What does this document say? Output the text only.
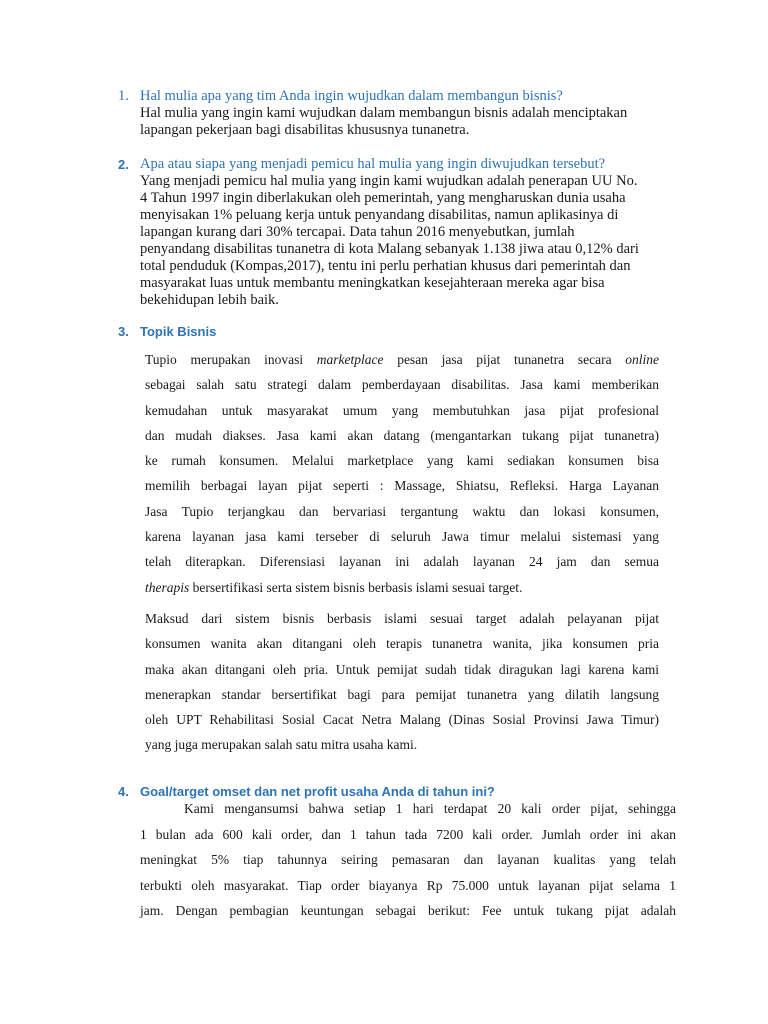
1. Hal mulia apa yang tim Anda ingin wujudkan dalam membangun bisnis?
Hal mulia yang ingin kami wujudkan dalam membangun bisnis adalah menciptakan
lapangan pekerjaan bagi disabilitas khususnya tunanetra.
2. Apa atau siapa yang menjadi pemicu hal mulia yang ingin diwujudkan tersebut?
Yang menjadi pemicu hal mulia yang ingin kami wujudkan adalah penerapan UU No.
4 Tahun 1997 ingin diberlakukan oleh pemerintah, yang mengharuskan dunia usaha
menyisakan 1% peluang kerja untuk penyandang disabilitas, namun aplikasinya di
lapangan kurang dari 30% tercapai. Data tahun 2016 menyebutkan, jumlah
penyandang disabilitas tunanetra di kota Malang sebanyak 1.138 jiwa atau 0,12% dari
total penduduk (Kompas,2017), tentu ini perlu perhatian khusus dari pemerintah dan
masyarakat luas untuk membantu meningkatkan kesejahteraan mereka agar bisa
bekehidupan lebih baik.
3. Topik Bisnis
Tupio merupakan inovasi marketplace pesan jasa pijat tunanetra secara online
sebagai salah satu strategi dalam pemberdayaan disabilitas. Jasa kami memberikan
kemudahan untuk masyarakat umum yang membutuhkan jasa pijat profesional
dan mudah diakses. Jasa kami akan datang (mengantarkan tukang pijat tunanetra)
ke rumah konsumen. Melalui marketplace yang kami sediakan konsumen bisa
memilih berbagai layan pijat seperti : Massage, Shiatsu, Refleksi. Harga Layanan
Jasa Tupio terjangkau dan bervariasi tergantung waktu dan lokasi konsumen,
karena layanan jasa kami terseber di seluruh Jawa timur melalui sistemasi yang
telah diterapkan. Diferensiasi layanan ini adalah layanan 24 jam dan semua
therapis bersertifikasi serta sistem bisnis berbasis islami sesuai target.
Maksud dari sistem bisnis berbasis islami sesuai target adalah pelayanan pijat
konsumen wanita akan ditangani oleh terapis tunanetra wanita, jika konsumen pria
maka akan ditangani oleh pria. Untuk pemijat sudah tidak diragukan lagi karena kami
menerapkan standar bersertifikat bagi para pemijat tunanetra yang dilatih langsung
oleh UPT Rehabilitasi Sosial Cacat Netra Malang (Dinas Sosial Provinsi Jawa Timur)
yang juga merupakan salah satu mitra usaha kami.
4. Goal/target omset dan net profit usaha Anda di tahun ini?
Kami mengansumsi bahwa setiap 1 hari terdapat 20 kali order pijat, sehingga
1 bulan ada 600 kali order, dan 1 tahun tada 7200 kali order. Jumlah order ini akan
meningkat 5% tiap tahunnya seiring pemasaran dan layanan kualitas yang telah
terbukti oleh masyarakat. Tiap order biayanya Rp 75.000 untuk layanan pijat selama 1
jam. Dengan pembagian keuntungan sebagai berikut: Fee untuk tukang pijat adalah
